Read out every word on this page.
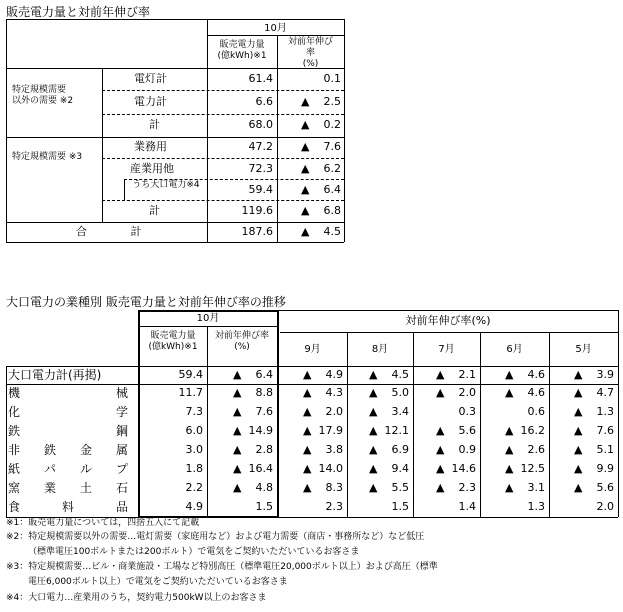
販売電力量と対前年伸び率
10月
販売電力量
(億kWh)※1
対前年伸び
率
(%)
特定規模需要
以外の需要 ※2
特定規模需要 ※3
電灯計	61.4	0.1
電力計	6.6 ▲	2.5
計	68.0 ▲	0.2
業務用	47.2 ▲	7.6
産業用他	72.3 ▲	6.2
うち大口電力※4	59.4 ▲	6.4
計	119.6 ▲	6.8
合 計	187.6 ▲	4.5
大口電力の業種別 販売電力量と対前年伸び率の推移
10月	対前年伸び率(%)
販売電力量
(億kWh)※1
対前年伸び率
(%)	9月	8月	7月	6月	5月
大口電力計(再掲)	59.4 ▲	6.4 ▲	4.9 ▲	4.5 ▲	2.1 ▲	4.6 ▲	3.9
機 械	11.7 ▲	8.8 ▲	4.3 ▲	5.0 ▲	2.0 ▲	4.6 ▲	4.7
化 学	7.3 ▲	7.6 ▲	2.0 ▲	3.4	0.3	0.6 ▲	1.3
鉄 鋼	6.0 ▲	14.9 ▲	17.9 ▲	12.1 ▲	5.6 ▲	16.2 ▲	7.6
非 鉄 金 属	3.0 ▲	2.8 ▲	3.8 ▲	6.9 ▲	0.9 ▲	2.6 ▲	5.1
紙 パ ル プ	1.8 ▲	16.4 ▲	14.0 ▲	9.4 ▲	14.6 ▲	12.5 ▲	9.9
窯 業 土 石	2.2 ▲	4.8 ▲	8.3 ▲	5.5 ▲	2.3 ▲	3.1 ▲	5.6
食 料 品	4.9	1.5	2.3	1.5	1.4	1.3	2.0
※1：販売電力量については，四捨五入にて記載
※2：特定規模需要以外の需要…電灯需要（家庭用など）および電力需要（商店・事務所など）など低圧
（標準電圧100ボルトまたは200ボルト）で電気をご契約いただいているお客さま
※3：特定規模需要…ビル・商業施設・工場など特別高圧（標準電圧20,000ボルト以上）および高圧（標準
電圧6,000ボルト以上）で電気をご契約いただいているお客さま
※4：大口電力…産業用のうち，契約電力500kW以上のお客さま
